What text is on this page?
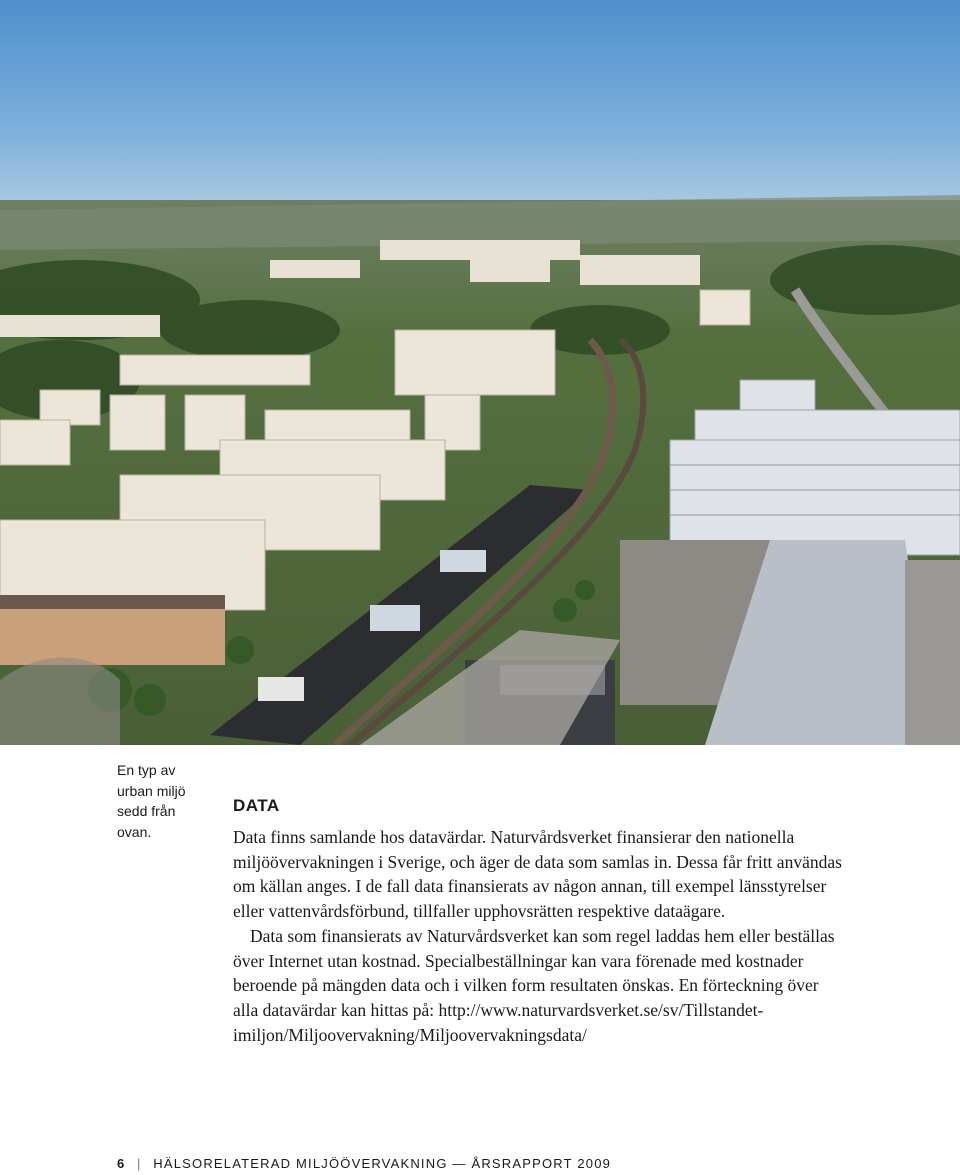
En typ av urban miljö sedd från ovan.
DATA

Data finns samlande hos datavärdar. Naturvårdsverket finansierar den nationella miljöövervakningen i Sverige, och äger de data som samlas in. Dessa får fritt användas om källan anges. I de fall data finansierats av någon annan, till exempel länsstyrelser eller vattenvårdsförbund, tillfaller upphovsrätten respektive dataägare.

Data som finansierats av Naturvårdsverket kan som regel laddas hem eller beställas över Internet utan kostnad. Specialbeställningar kan vara förenade med kostnader beroende på mängden data och i vilken form resultaten önskas. En förteckning över alla datavärdar kan hittas på: http://www.naturvardsverket.se/sv/Tillstandet-imiljon/Miljoovervakning/Miljoovervakningsdata/

6 | HÄLSORELATERAD MILJÖÖVERVAKNING — ÅRSRAPPORT 2009
